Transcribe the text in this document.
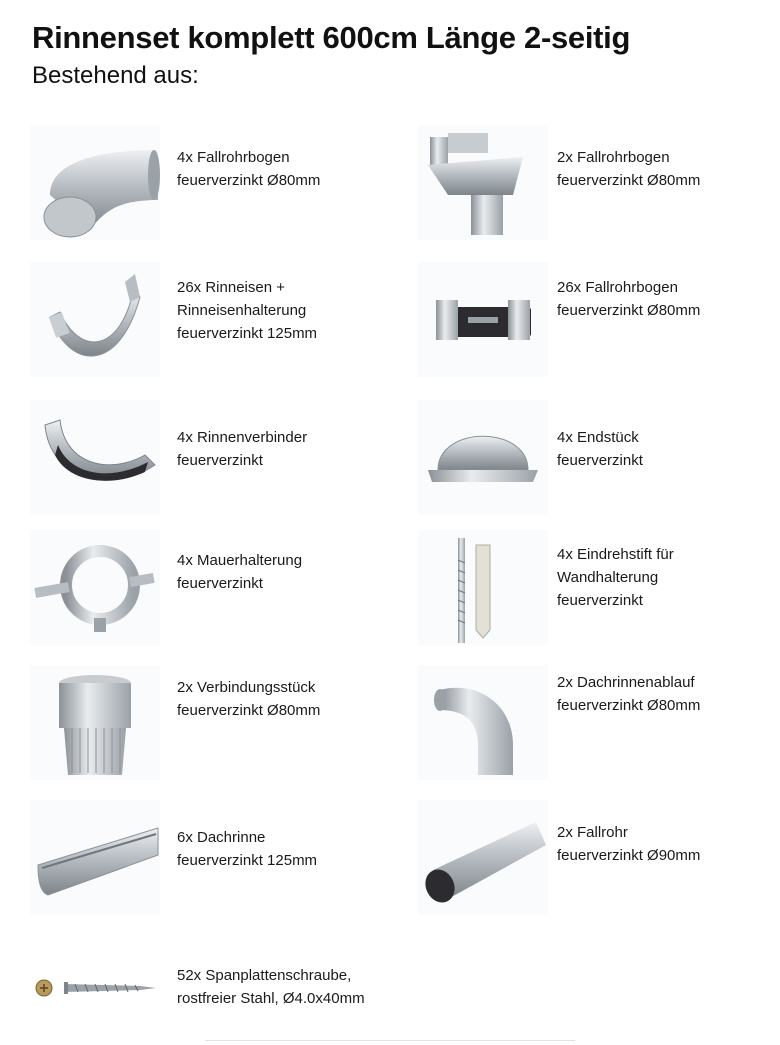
Rinnenset komplett 600cm Länge 2-seitig
Bestehend aus:
4x Fallrohrbogen
feuerverzinkt Ø80mm
2x Fallrohrbogen
feuerverzinkt Ø80mm
26x Rinneisen +
Rinneisenhalterung
feuerverzinkt 125mm
26x Fallrohrbogen
feuerverzinkt Ø80mm
4x Rinnenverbinder
feuerverzinkt
4x Endstück
feuerverzinkt
4x Mauerhalterung
feuerverzinkt
4x Eindrehstift für
Wandhalterung
feuerverzinkt
2x Verbindungsstück
feuerverzinkt Ø80mm
2x Dachrinnenablauf
feuerverzinkt Ø80mm
6x Dachrinne
feuerverzinkt 125mm
2x Fallrohr
feuerverzinkt Ø90mm
52x Spanplattenschraube,
rostfreier Stahl, Ø4.0x40mm
